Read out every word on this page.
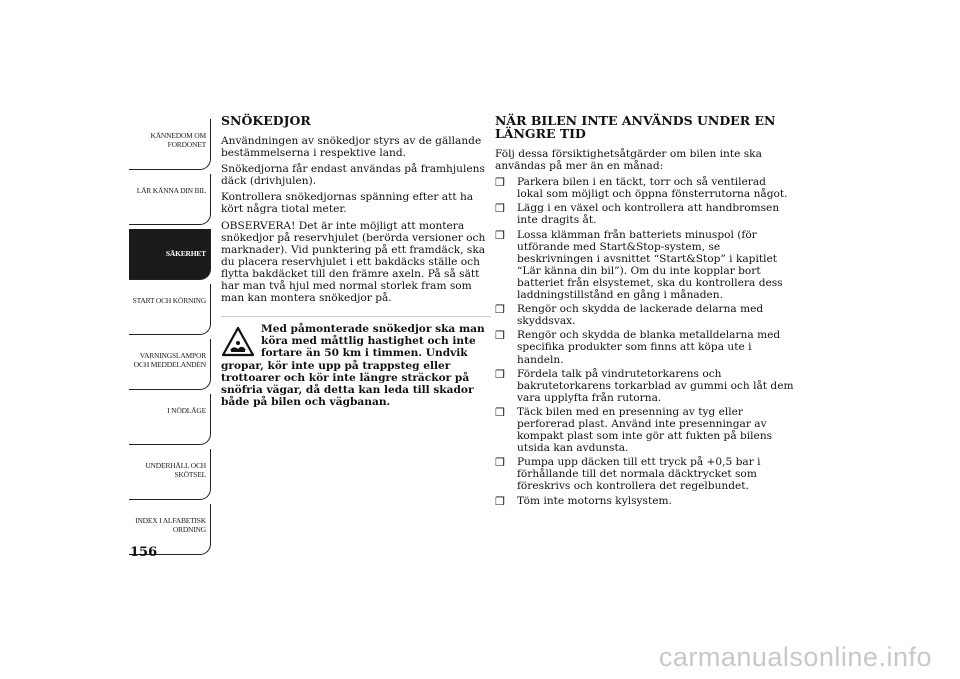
KÄNNEDOM OM FORDONET
LÄR KÄNNA DIN BIL
SÄKERHET
START OCH KÖRNING
VARNINGSLAMPOR OCH MEDDELANDEN
I NÖDLÄGE
UNDERHÅLL OCH SKÖTSEL
INDEX I ALFABETISK ORDNING
156
SNÖKEDJOR

Användningen av snökedjor styrs av de gällande bestämmelserna i respektive land.

Snökedjorna får endast användas på framhjulens däck (drivhjulen).

Kontrollera snökedjornas spänning efter att ha kört några tiotal meter.

OBSERVERA! Det är inte möjligt att montera snökedjor på reservhjulet (berörda versioner och marknader). Vid punktering på ett framdäck, ska du placera reservhjulet i ett bakdäcks ställe och flytta bakdäcket till den främre axeln. På så sätt har man två hjul med normal storlek fram som man kan montera snökedjor på.

Med påmonterade snökedjor ska man köra med måttlig hastighet och inte fortare än 50 km i timmen. Undvik gropar, kör inte upp på trappsteg eller trottoarer och kör inte längre sträckor på snöfria vägar, då detta kan leda till skador både på bilen och vägbanan.
NÄR BILEN INTE ANVÄNDS UNDER EN LÄNGRE TID

Följ dessa försiktighetsåtgärder om bilen inte ska användas på mer än en månad:

❒ Parkera bilen i en täckt, torr och så ventilerad lokal som möjligt och öppna fönsterrutorna något.
❒ Lägg i en växel och kontrollera att handbromsen inte dragits åt.
❒ Lossa klämman från batteriets minuspol (för utförande med Start&Stop-system, se beskrivningen i avsnittet “Start&Stop” i kapitlet “Lär känna din bil”). Om du inte kopplar bort batteriet från elsystemet, ska du kontrollera dess laddningstillstånd en gång i månaden.
❒ Rengör och skydda de lackerade delarna med skyddsvax.
❒ Rengör och skydda de blanka metalldelarna med specifika produkter som finns att köpa ute i handeln.
❒ Fördela talk på vindrutetorkarens och bakrutetorkarens torkarblad av gummi och låt dem vara upplyfta från rutorna.
❒ Täck bilen med en presenning av tyg eller perforerad plast. Använd inte presenningar av kompakt plast som inte gör att fukten på bilens utsida kan avdunsta.
❒ Pumpa upp däcken till ett tryck på +0,5 bar i förhållande till det normala däcktrycket som föreskrivs och kontrollera det regelbundet.
❒ Töm inte motorns kylsystem.
carmanualsonline.info
